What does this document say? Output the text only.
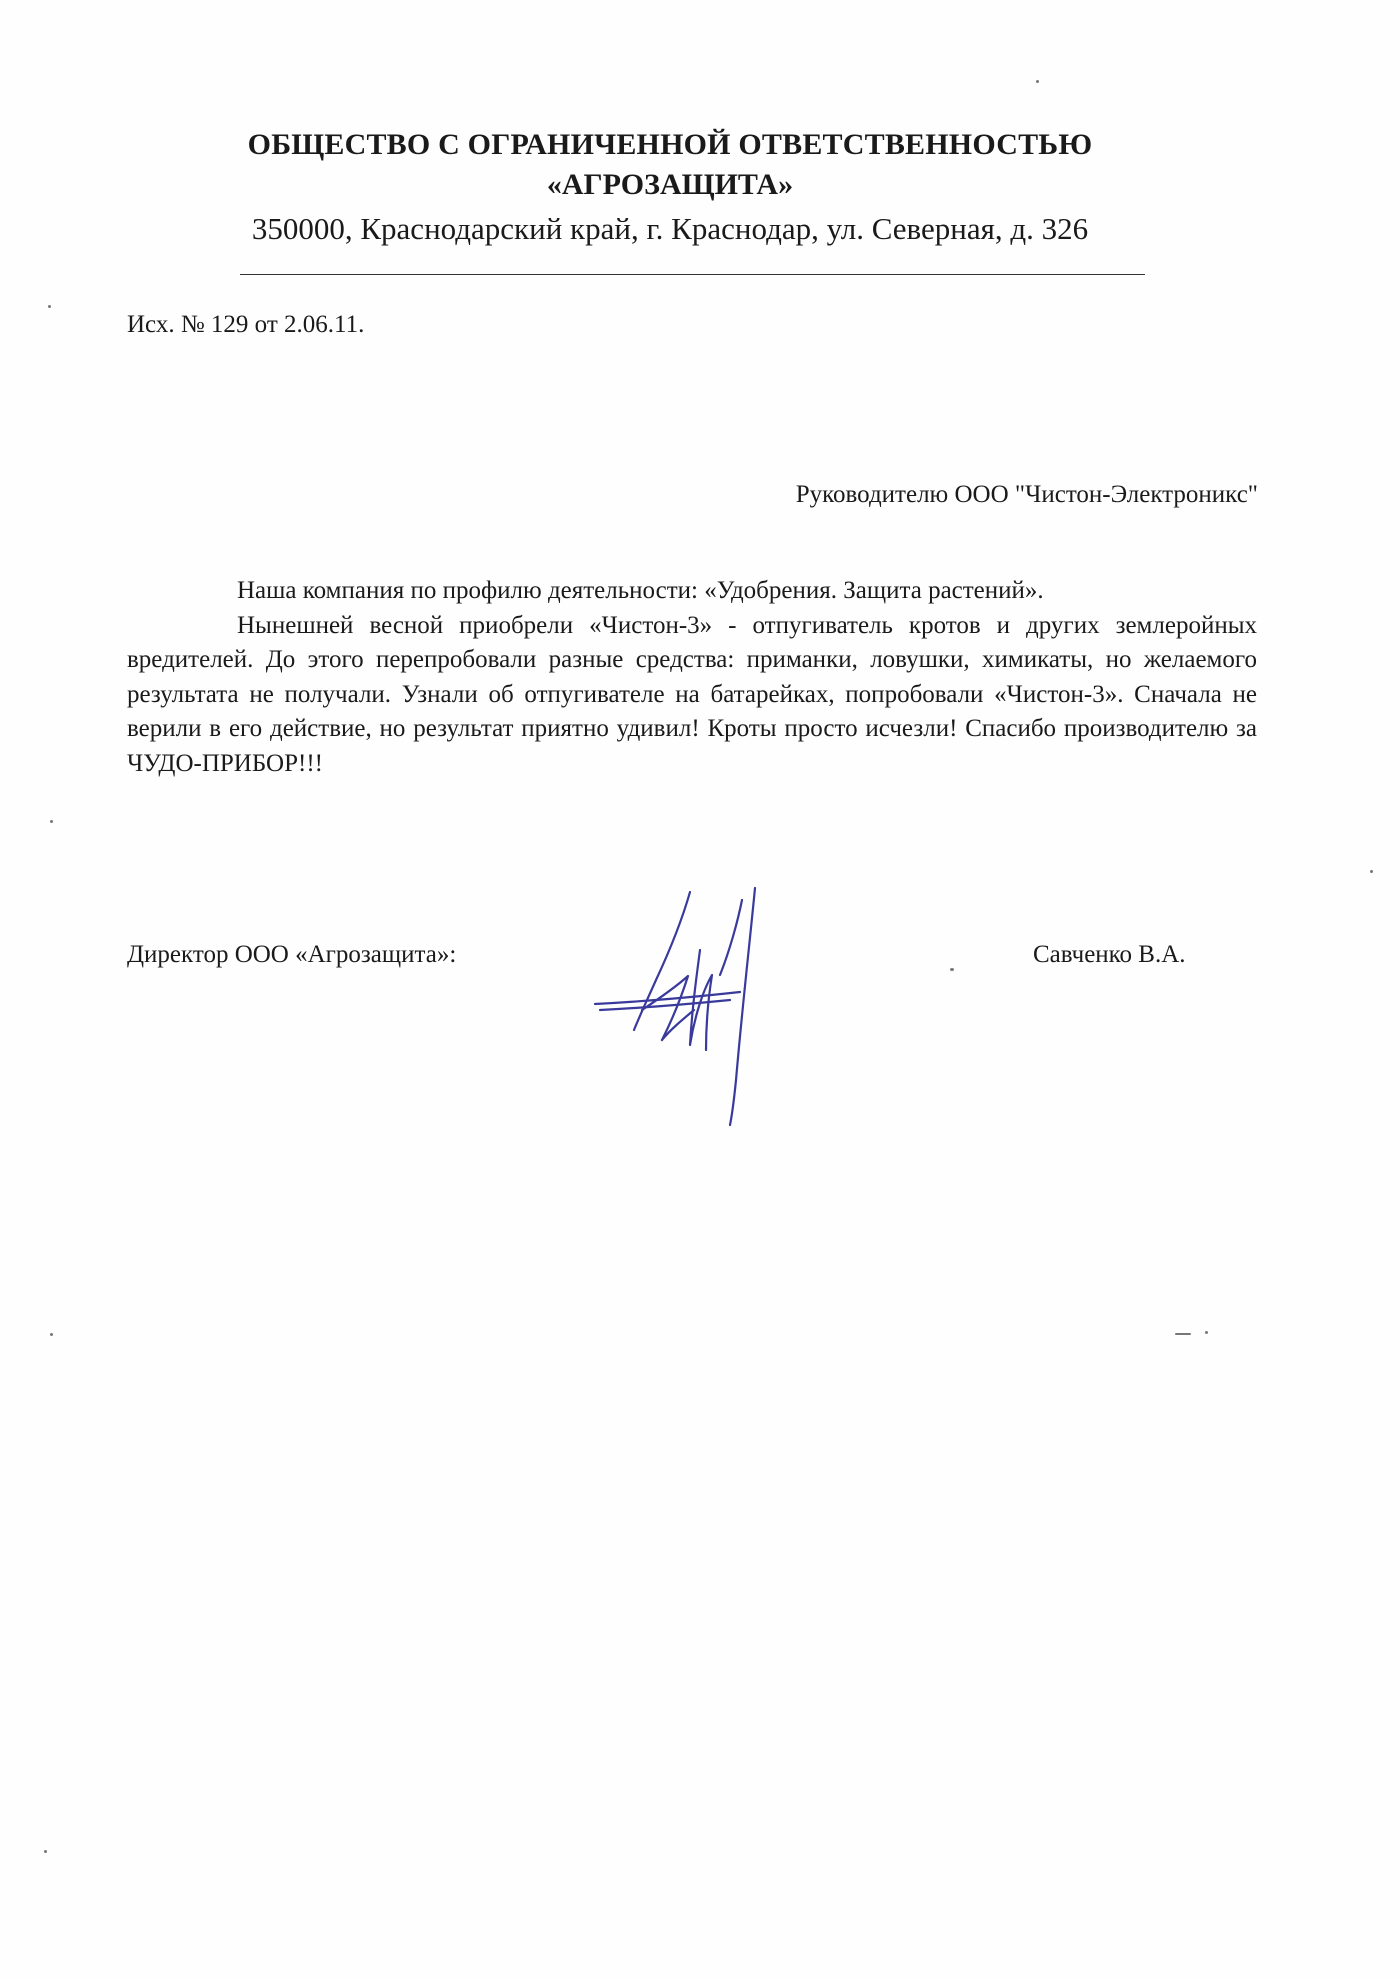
ОБЩЕСТВО С ОГРАНИЧЕННОЙ ОТВЕТСТВЕННОСТЬЮ
«АГРОЗАЩИТА»
350000, Краснодарский край, г. Краснодар, ул. Северная, д. 326
Исх. № 129 от 2.06.11.
Руководителю ООО "Чистон-Электроникс"

Наша компания по профилю деятельности: «Удобрения. Защита растений».

Нынешней весной приобрели «Чистон-3» - отпугиватель кротов и других землеройных вредителей. До этого перепробовали разные средства: приманки, ловушки, химикаты, но желаемого результата не получали. Узнали об отпугивателе на батарейках, попробовали «Чистон-3». Сначала не верили в его действие, но результат приятно удивил! Кроты просто исчезли! Спасибо производителю за ЧУДО-ПРИБОР!!!

Директор ООО «Агрозащита»:	Савченко В.А.
